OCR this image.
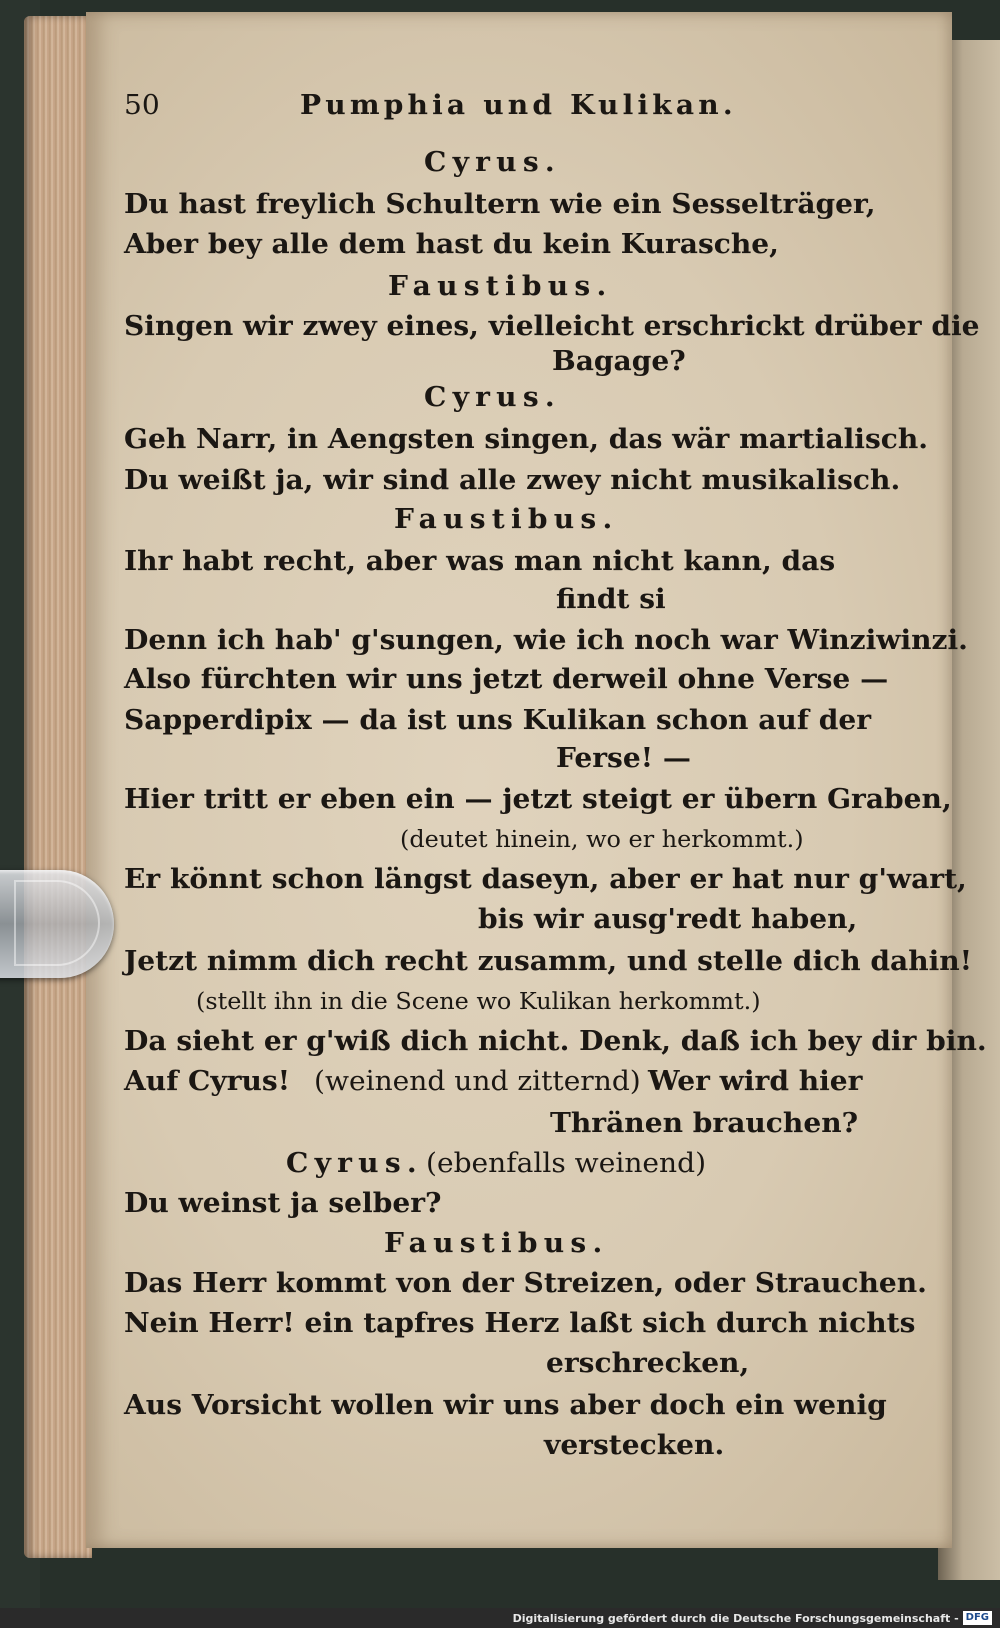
50	Pumphia und Kulikan.
Cyrus.
Du hast freylich Schultern wie ein Sesselträger,
Aber bey alle dem hast du kein Kurasche,
Faustibus.
Singen wir zwey eines, vielleicht erschrickt drüber die
Bagage?
Cyrus.
Geh Narr, in Aengsten singen, das wär martialisch.
Du weißt ja, wir sind alle zwey nicht musikalisch.
Faustibus.
Ihr habt recht, aber was man nicht kann, das
findt si
Denn ich hab' g'sungen, wie ich noch war Winziwinzi.
Also fürchten wir uns jetzt derweil ohne Verse —
Sapperdipix — da ist uns Kulikan schon auf der
Ferse! —
Hier tritt er eben ein — jetzt steigt er übern Graben,
(deutet hinein, wo er herkommt.)
Er könnt schon längst daseyn, aber er hat nur g'wart,
bis wir ausg'redt haben,
Jetzt nimm dich recht zusamm, und stelle dich dahin!
(stellt ihn in die Scene wo Kulikan herkommt.)
Da sieht er g'wiß dich nicht. Denk, daß ich bey dir bin.
Auf Cyrus! (weinend und zitternd) Wer wird hier
Thränen brauchen?
Cyrus. (ebenfalls weinend)
Du weinst ja selber?
Faustibus.
Das Herr kommt von der Streizen, oder Strauchen.
Nein Herr! ein tapfres Herz laßt sich durch nichts
erschrecken,
Aus Vorsicht wollen wir uns aber doch ein wenig
verstecken.
Digitalisierung gefördert durch die Deutsche Forschungsgemeinschaft - DFG
